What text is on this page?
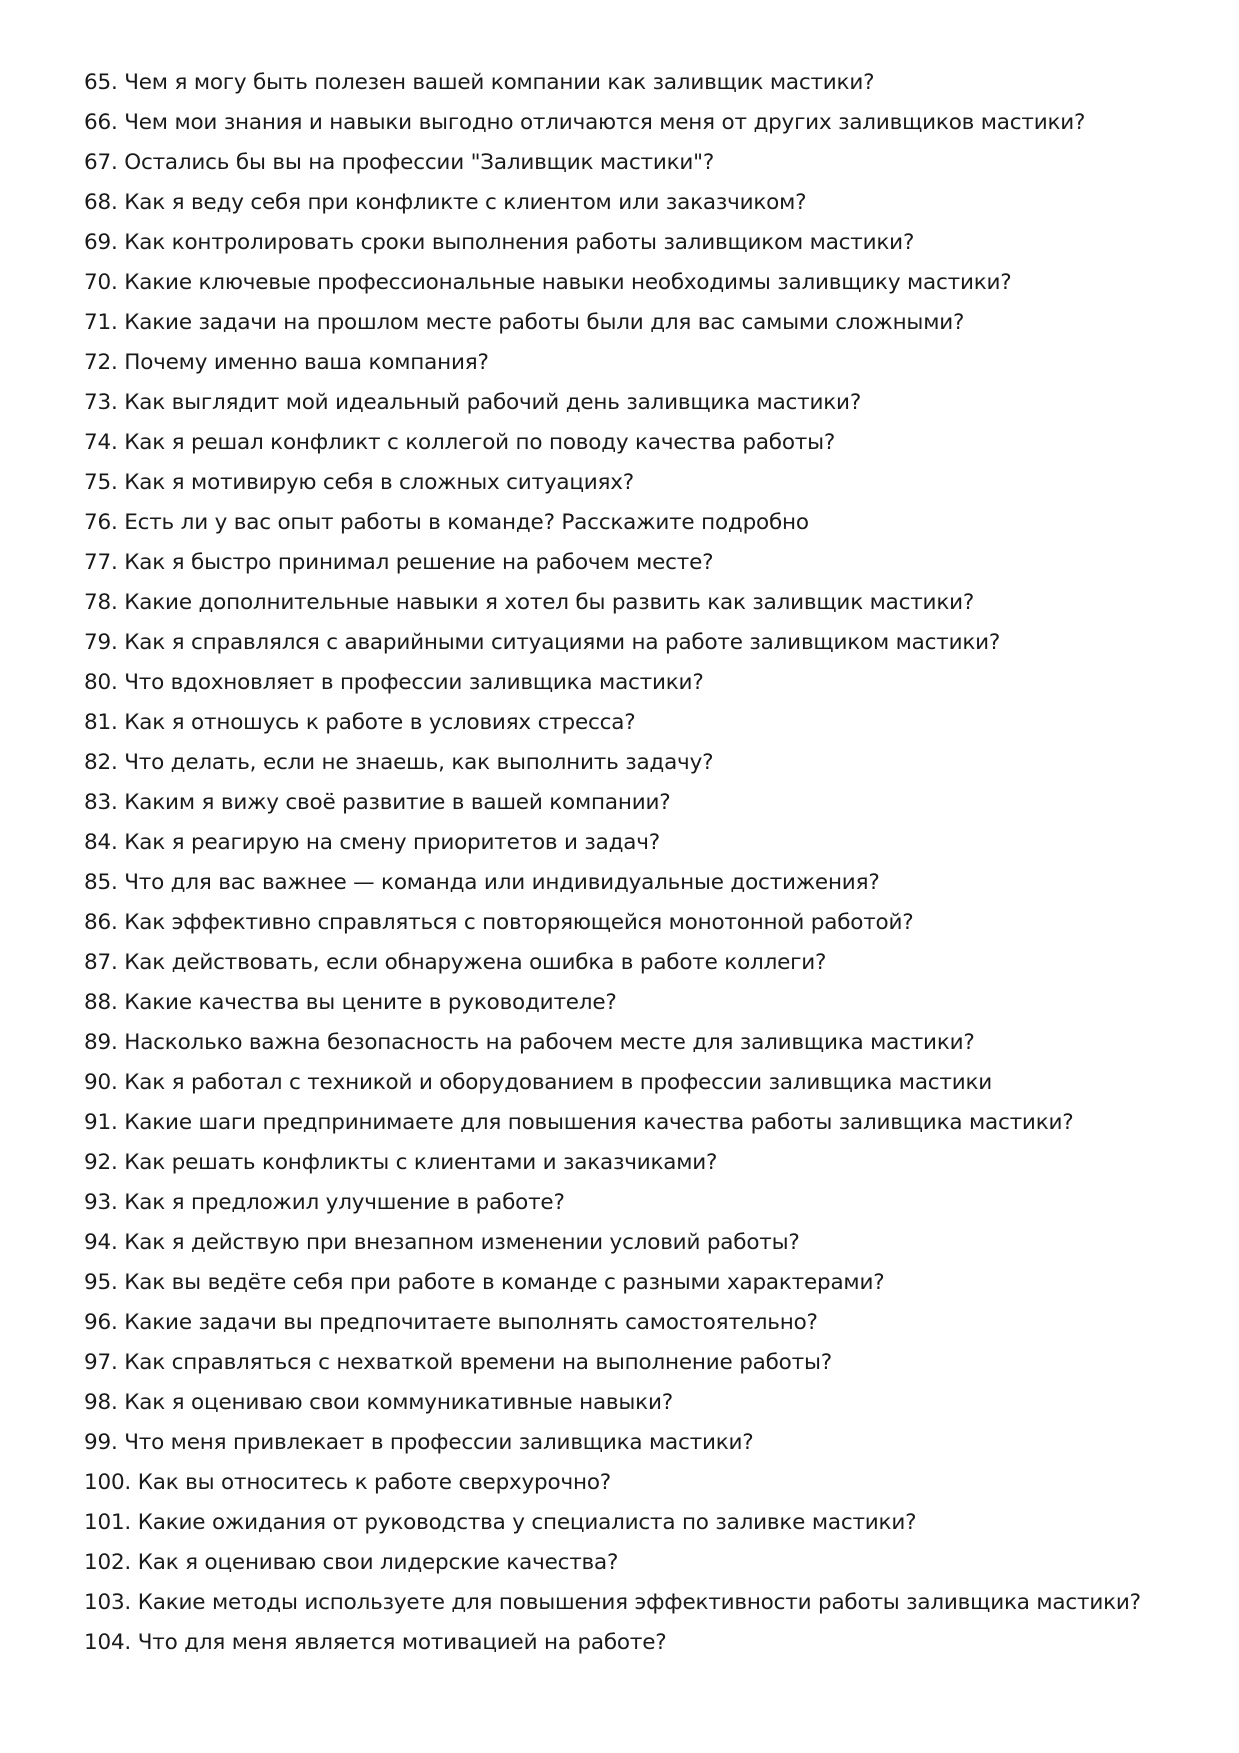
65. Чем я могу быть полезен вашей компании как заливщик мастики?
66. Чем мои знания и навыки выгодно отличаются меня от других заливщиков мастики?
67. Остались бы вы на профессии "Заливщик мастики"?
68. Как я веду себя при конфликте с клиентом или заказчиком?
69. Как контролировать сроки выполнения работы заливщиком мастики?
70. Какие ключевые профессиональные навыки необходимы заливщику мастики?
71. Какие задачи на прошлом месте работы были для вас самыми сложными?
72. Почему именно ваша компания?
73. Как выглядит мой идеальный рабочий день заливщика мастики?
74. Как я решал конфликт с коллегой по поводу качества работы?
75. Как я мотивирую себя в сложных ситуациях?
76. Есть ли у вас опыт работы в команде? Расскажите подробно
77. Как я быстро принимал решение на рабочем месте?
78. Какие дополнительные навыки я хотел бы развить как заливщик мастики?
79. Как я справлялся с аварийными ситуациями на работе заливщиком мастики?
80. Что вдохновляет в профессии заливщика мастики?
81. Как я отношусь к работе в условиях стресса?
82. Что делать, если не знаешь, как выполнить задачу?
83. Каким я вижу своё развитие в вашей компании?
84. Как я реагирую на смену приоритетов и задач?
85. Что для вас важнее — команда или индивидуальные достижения?
86. Как эффективно справляться с повторяющейся монотонной работой?
87. Как действовать, если обнаружена ошибка в работе коллеги?
88. Какие качества вы цените в руководителе?
89. Насколько важна безопасность на рабочем месте для заливщика мастики?
90. Как я работал с техникой и оборудованием в профессии заливщика мастики
91. Какие шаги предпринимаете для повышения качества работы заливщика мастики?
92. Как решать конфликты с клиентами и заказчиками?
93. Как я предложил улучшение в работе?
94. Как я действую при внезапном изменении условий работы?
95. Как вы ведёте себя при работе в команде с разными характерами?
96. Какие задачи вы предпочитаете выполнять самостоятельно?
97. Как справляться с нехваткой времени на выполнение работы?
98. Как я оцениваю свои коммуникативные навыки?
99. Что меня привлекает в профессии заливщика мастики?
100. Как вы относитесь к работе сверхурочно?
101. Какие ожидания от руководства у специалиста по заливке мастики?
102. Как я оцениваю свои лидерские качества?
103. Какие методы используете для повышения эффективности работы заливщика мастики?
104. Что для меня является мотивацией на работе?
